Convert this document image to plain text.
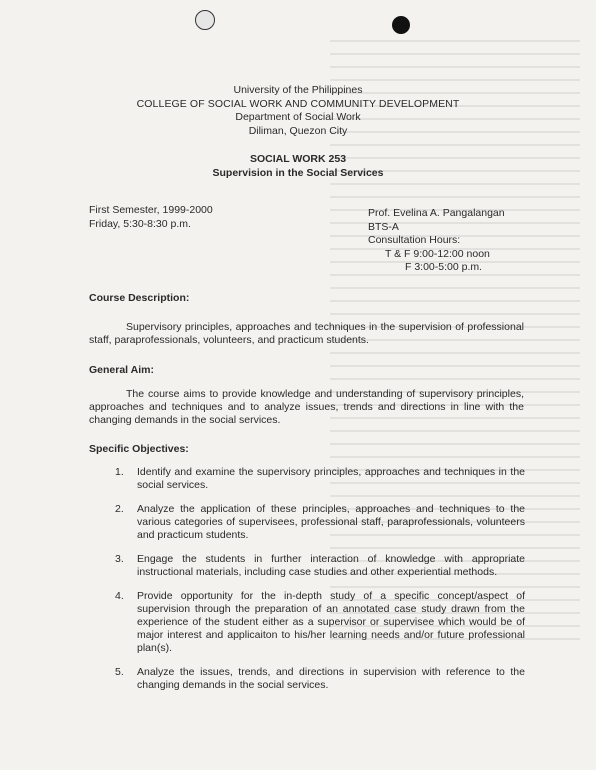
University of the Philippines
COLLEGE OF SOCIAL WORK AND COMMUNITY DEVELOPMENT
Department of Social Work
Diliman, Quezon City
SOCIAL WORK 253
Supervision in the Social Services
First Semester, 1999-2000
Friday, 5:30-8:30 p.m.
Prof. Evelina A. Pangalangan
BTS-A
Consultation Hours:
T & F 9:00-12:00 noon
F 3:00-5:00 p.m.
Course Description:
Supervisory principles, approaches and techniques in the supervision of professional staff, paraprofessionals, volunteers, and practicum students.
General Aim:
The course aims to provide knowledge and understanding of supervisory principles, approaches and techniques and to analyze issues, trends and directions in line with the changing demands in the social services.
Specific Objectives:
1. Identify and examine the supervisory principles, approaches and techniques in the social services.
2. Analyze the application of these principles, approaches and techniques to the various categories of supervisees, professional staff, paraprofessionals, volunteers and practicum students.
3. Engage the students in further interaction of knowledge with appropriate instructional materials, including case studies and other experiential methods.
4. Provide opportunity for the in-depth study of a specific concept/aspect of supervision through the preparation of an annotated case study drawn from the experience of the student either as a supervisor or supervisee which would be of major interest and applicaiton to his/her learning needs and/or future professional plan(s).
5. Analyze the issues, trends, and directions in supervision with reference to the changing demands in the social services.
